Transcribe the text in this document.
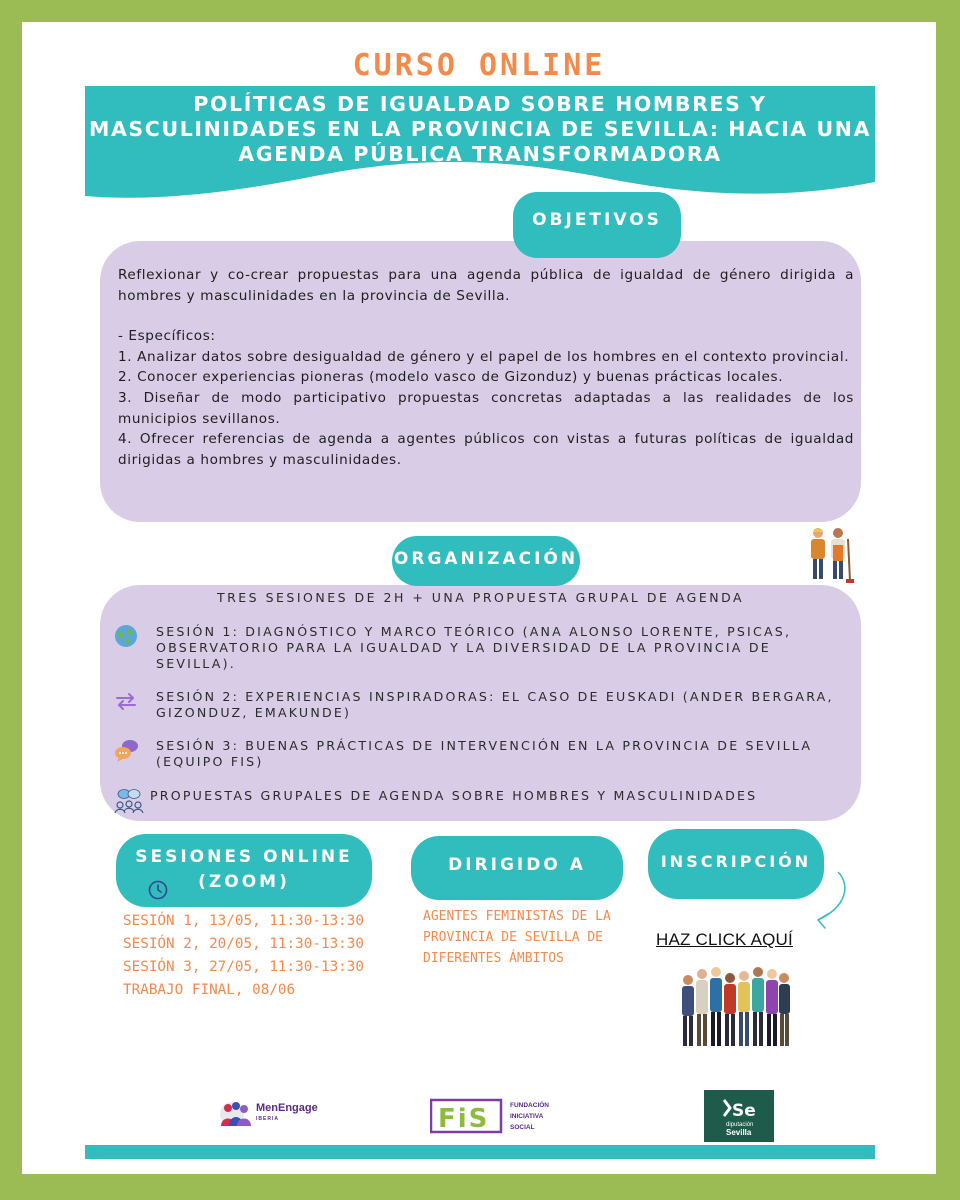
CURSO ONLINE
POLÍTICAS DE IGUALDAD SOBRE HOMBRES Y MASCULINIDADES EN LA PROVINCIA DE SEVILLA: HACIA UNA AGENDA PÚBLICA TRANSFORMADORA
OBJETIVOS

Reflexionar y co-crear propuestas para una agenda pública de igualdad de género dirigida a hombres y masculinidades en la provincia de Sevilla.

- Específicos:

1. Analizar datos sobre desigualdad de género y el papel de los hombres en el contexto provincial.

2. Conocer experiencias pioneras (modelo vasco de Gizonduz) y buenas prácticas locales.

3. Diseñar de modo participativo propuestas concretas adaptadas a las realidades de los municipios sevillanos.

4. Ofrecer referencias de agenda a agentes públicos con vistas a futuras políticas de igualdad dirigidas a hombres y masculinidades.

ORGANIZACIÓN
TRES SESIONES DE 2H + UNA PROPUESTA GRUPAL DE AGENDA
SESIÓN 1: DIAGNÓSTICO Y MARCO TEÓRICO (ANA ALONSO LORENTE, PSICAS, OBSERVATORIO PARA LA IGUALDAD Y LA DIVERSIDAD DE LA PROVINCIA DE SEVILLA).
SESIÓN 2: EXPERIENCIAS INSPIRADORAS: EL CASO DE EUSKADI (ANDER BERGARA, GIZONDUZ, EMAKUNDE)
SESIÓN 3: BUENAS PRÁCTICAS DE INTERVENCIÓN EN LA PROVINCIA DE SEVILLA (EQUIPO FIS)
PROPUESTAS GRUPALES DE AGENDA SOBRE HOMBRES Y MASCULINIDADES
SESIONES ONLINE (ZOOM)
SESIÓN 1, 13/05, 11:30-13:30
SESIÓN 2, 20/05, 11:30-13:30
SESIÓN 3, 27/05, 11:30-13:30
TRABAJO FINAL, 08/06
DIRIGIDO A
AGENTES FEMINISTAS DE LA PROVINCIA DE SEVILLA DE DIFERENTES ÁMBITOS
INSCRIPCIÓN
HAZ CLICK AQUÍ
MenEngage
IBERIA	FiS	FUNDACIÓN
INICIATIVA
SOCIAL
Se
diputación
Sevilla
